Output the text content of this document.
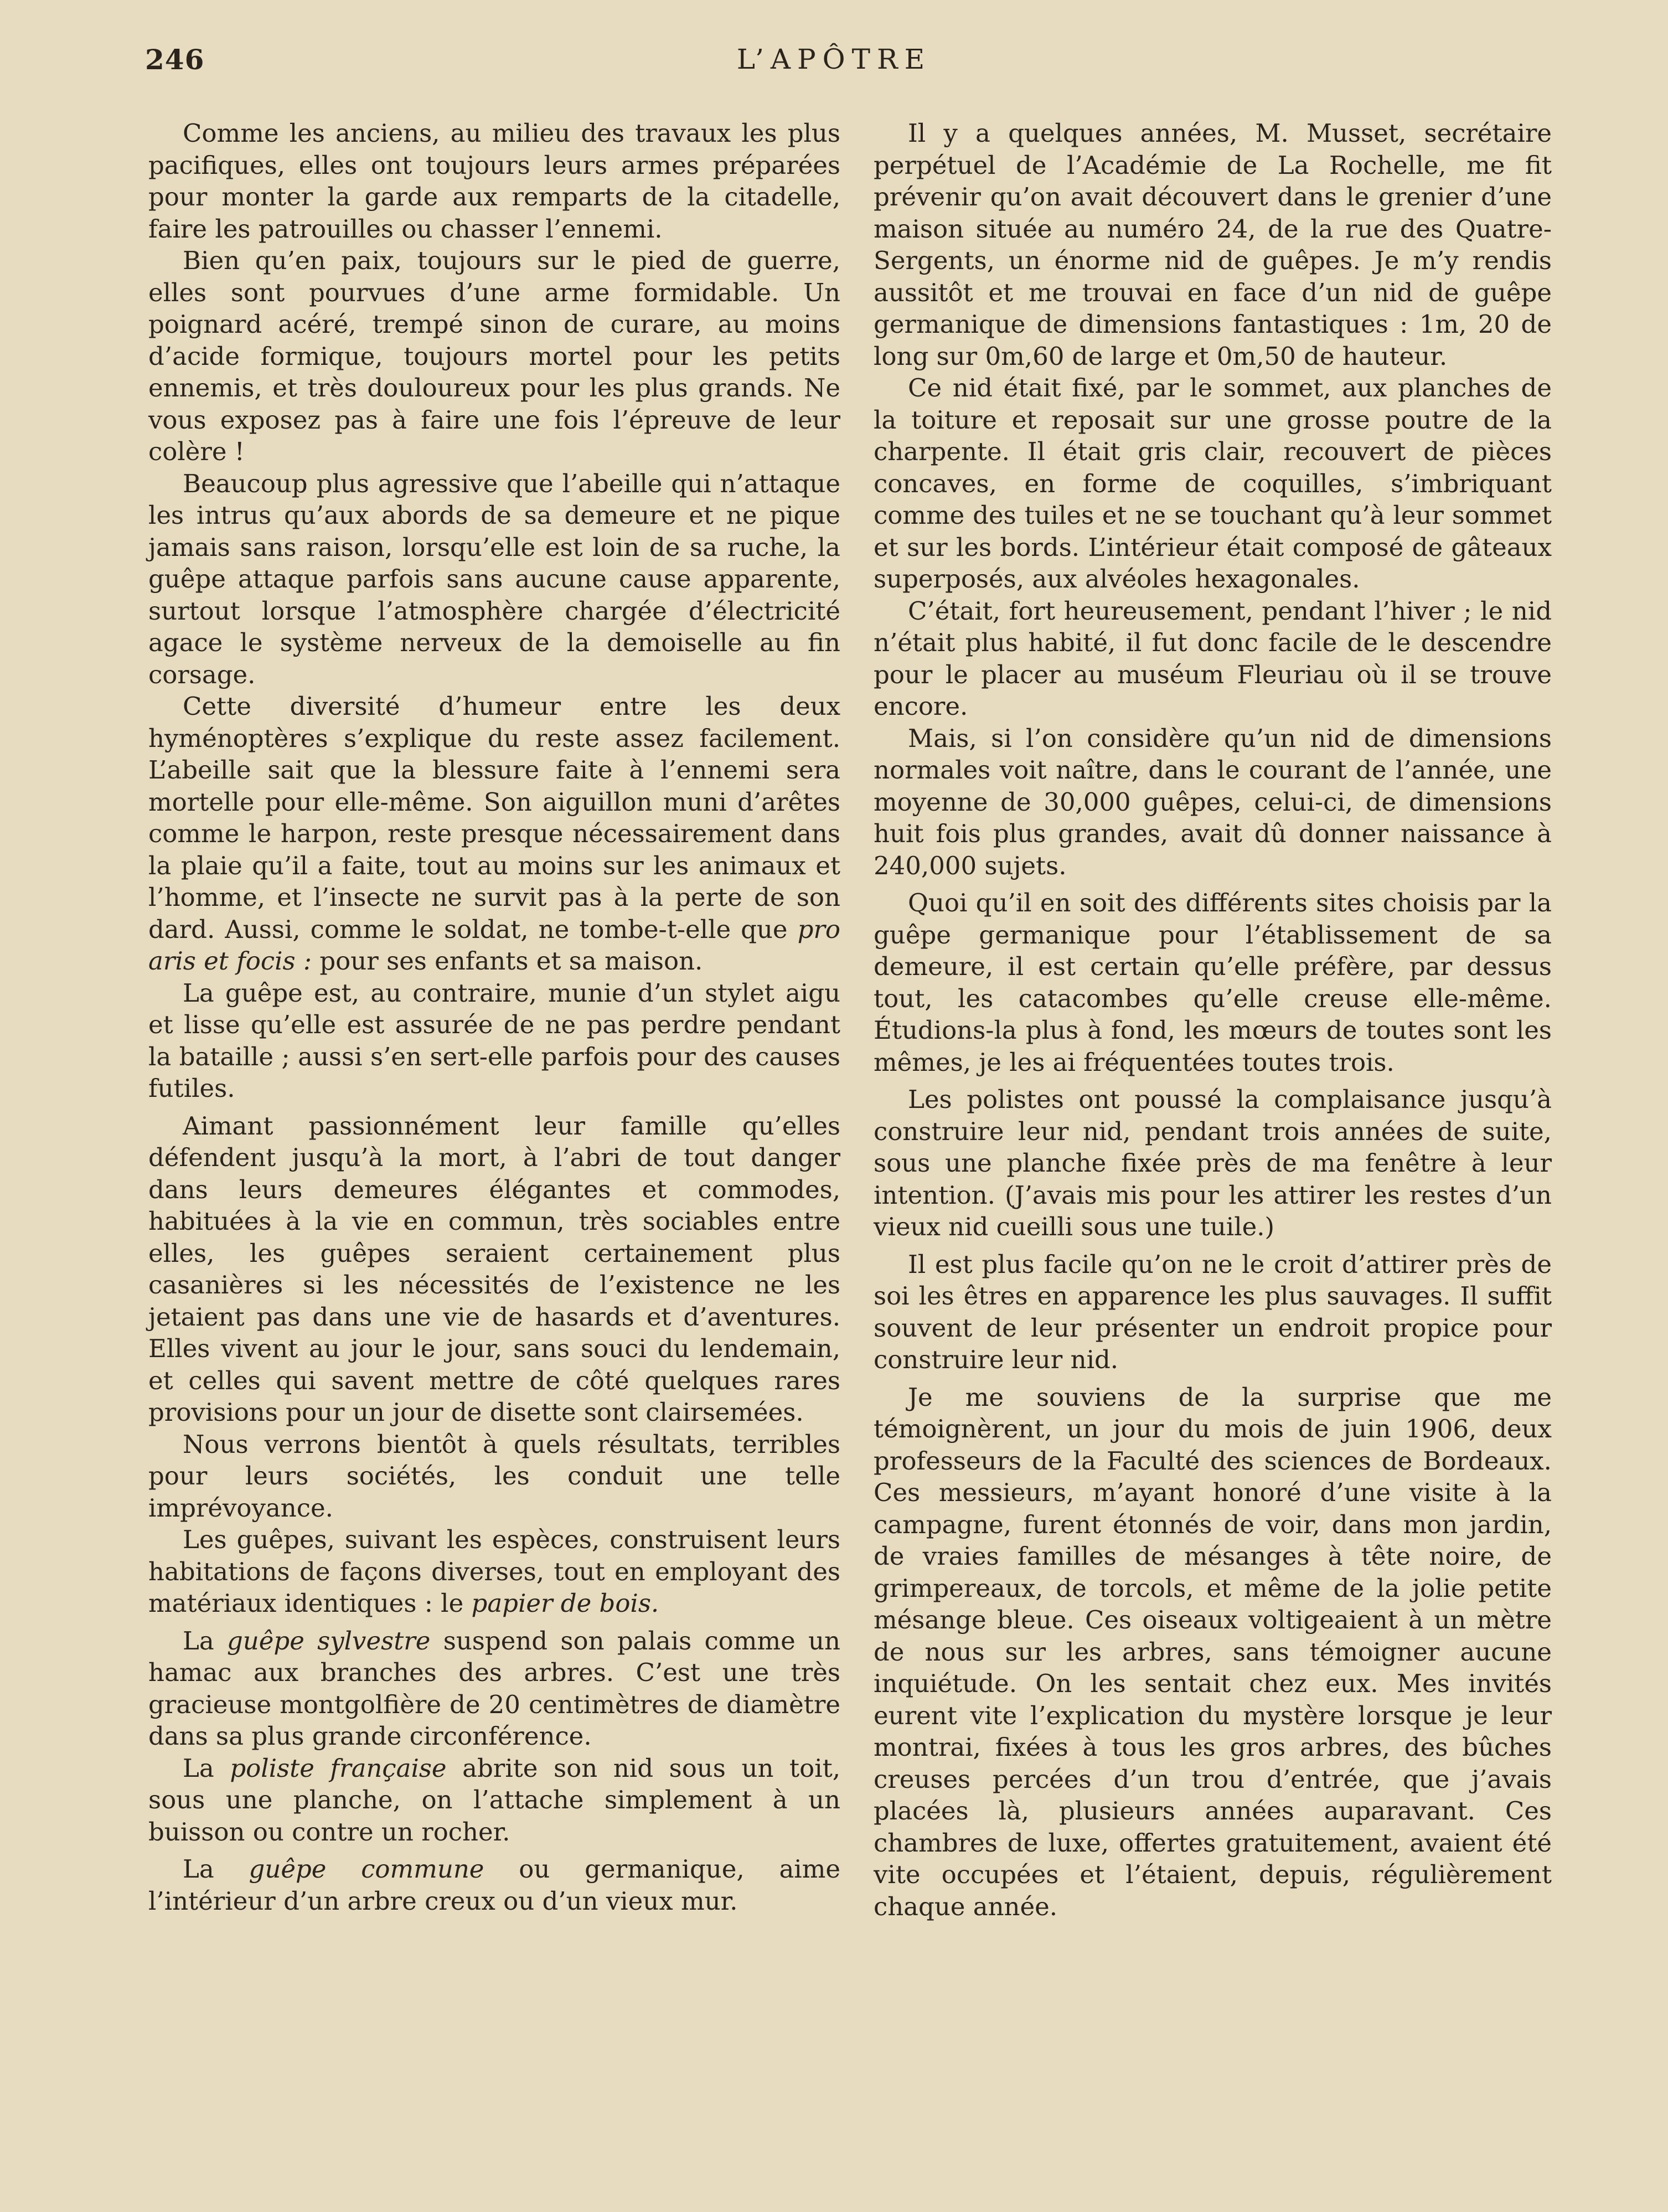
246	L’APÔTRE

Comme les anciens, au milieu des travaux les plus pacifiques, elles ont toujours leurs armes préparées pour monter la garde aux remparts de la citadelle, faire les patrouilles ou chasser l’ennemi.

Bien qu’en paix, toujours sur le pied de guerre, elles sont pourvues d’une arme formidable. Un poignard acéré, trempé sinon de curare, au moins d’acide formique, toujours mortel pour les petits ennemis, et très douloureux pour les plus grands. Ne vous exposez pas à faire une fois l’épreuve de leur colère !

Beaucoup plus agressive que l’abeille qui n’attaque les intrus qu’aux abords de sa demeure et ne pique jamais sans raison, lorsqu’elle est loin de sa ruche, la guêpe attaque parfois sans aucune cause apparente, surtout lorsque l’atmosphère chargée d’électricité agace le système nerveux de la demoiselle au fin corsage.

Cette diversité d’humeur entre les deux hyménoptères s’explique du reste assez facilement. L’abeille sait que la blessure faite à l’ennemi sera mortelle pour elle-même. Son aiguillon muni d’arêtes comme le harpon, reste presque nécessairement dans la plaie qu’il a faite, tout au moins sur les animaux et l’homme, et l’insecte ne survit pas à la perte de son dard. Aussi, comme le soldat, ne tombe-t-elle que pro aris et focis : pour ses enfants et sa maison.

La guêpe est, au contraire, munie d’un stylet aigu et lisse qu’elle est assurée de ne pas perdre pendant la bataille ; aussi s’en sert-elle parfois pour des causes futiles.

Aimant passionnément leur famille qu’elles défendent jusqu’à la mort, à l’abri de tout danger dans leurs demeures élégantes et commodes, habituées à la vie en commun, très sociables entre elles, les guêpes seraient certainement plus casanières si les nécessités de l’existence ne les jetaient pas dans une vie de hasards et d’aventures. Elles vivent au jour le jour, sans souci du lendemain, et celles qui savent mettre de côté quelques rares provisions pour un jour de disette sont clairsemées.

Nous verrons bientôt à quels résultats, terribles pour leurs sociétés, les conduit une telle imprévoyance.

Les guêpes, suivant les espèces, construisent leurs habitations de façons diverses, tout en employant des matériaux identiques : le papier de bois.

La guêpe sylvestre suspend son palais comme un hamac aux branches des arbres. C’est une très gracieuse montgolfière de 20 centimètres de diamètre dans sa plus grande circonférence.

La poliste française abrite son nid sous un toit, sous une planche, on l’attache simplement à un buisson ou contre un rocher.

La guêpe commune ou germanique, aime l’intérieur d’un arbre creux ou d’un vieux mur.

Il y a quelques années, M. Musset, secrétaire perpétuel de l’Académie de La Rochelle, me fit prévenir qu’on avait découvert dans le grenier d’une maison située au numéro 24, de la rue des Quatre-Sergents, un énorme nid de guêpes. Je m’y rendis aussitôt et me trouvai en face d’un nid de guêpe germanique de dimensions fantastiques : 1m, 20 de long sur 0m,60 de large et 0m,50 de hauteur.

Ce nid était fixé, par le sommet, aux planches de la toiture et reposait sur une grosse poutre de la charpente. Il était gris clair, recouvert de pièces concaves, en forme de coquilles, s’imbriquant comme des tuiles et ne se touchant qu’à leur sommet et sur les bords. L’intérieur était composé de gâteaux superposés, aux alvéoles hexagonales.

C’était, fort heureusement, pendant l’hiver ; le nid n’était plus habité, il fut donc facile de le descendre pour le placer au muséum Fleuriau où il se trouve encore.

Mais, si l’on considère qu’un nid de dimensions normales voit naître, dans le courant de l’année, une moyenne de 30,000 guêpes, celui-ci, de dimensions huit fois plus grandes, avait dû donner naissance à 240,000 sujets.

Quoi qu’il en soit des différents sites choisis par la guêpe germanique pour l’établissement de sa demeure, il est certain qu’elle préfère, par dessus tout, les catacombes qu’elle creuse elle-même. Étudions-la plus à fond, les mœurs de toutes sont les mêmes, je les ai fréquentées toutes trois.

Les polistes ont poussé la complaisance jusqu’à construire leur nid, pendant trois années de suite, sous une planche fixée près de ma fenêtre à leur intention. (J’avais mis pour les attirer les restes d’un vieux nid cueilli sous une tuile.)

Il est plus facile qu’on ne le croit d’attirer près de soi les êtres en apparence les plus sauvages. Il suffit souvent de leur présenter un endroit propice pour construire leur nid.

Je me souviens de la surprise que me témoignèrent, un jour du mois de juin 1906, deux professeurs de la Faculté des sciences de Bordeaux. Ces messieurs, m’ayant honoré d’une visite à la campagne, furent étonnés de voir, dans mon jardin, de vraies familles de mésanges à tête noire, de grimpereaux, de torcols, et même de la jolie petite mésange bleue. Ces oiseaux voltigeaient à un mètre de nous sur les arbres, sans témoigner aucune inquiétude. On les sentait chez eux. Mes invités eurent vite l’explication du mystère lorsque je leur montrai, fixées à tous les gros arbres, des bûches creuses percées d’un trou d’entrée, que j’avais placées là, plusieurs années auparavant. Ces chambres de luxe, offertes gratuitement, avaient été vite occupées et l’étaient, depuis, régulièrement chaque année.
